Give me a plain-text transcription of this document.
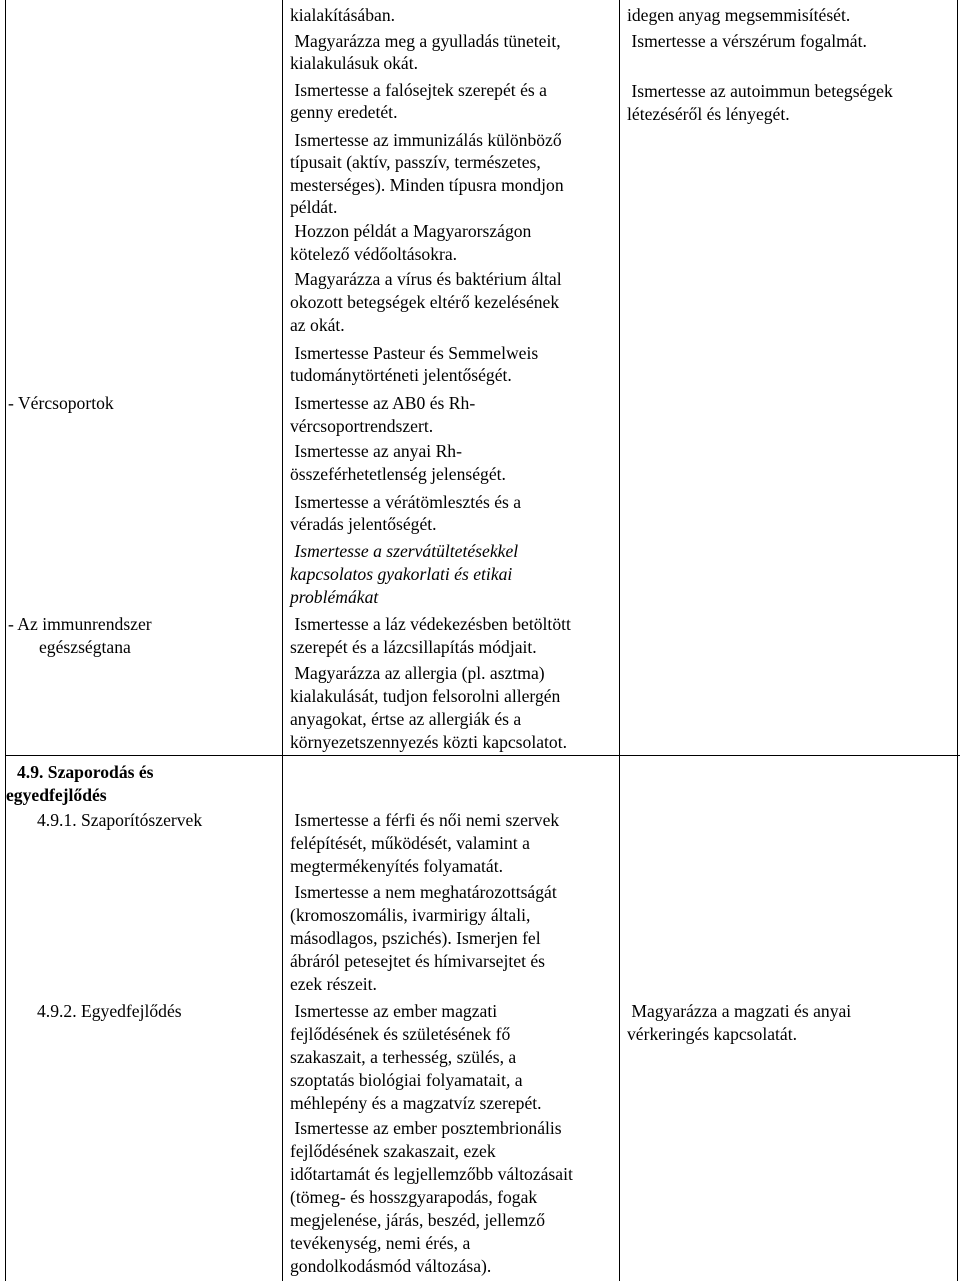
- Vércsoportok
- Az immunrendszer
egészségtana
4.9. Szaporodás és
egyedfejlődés
4.9.1. Szaporítószervek
4.9.2. Egyedfejlődés
kialakításában.
Magyarázza meg a gyulladás tüneteit,
kialakulásuk okát.
Ismertesse a falósejtek szerepét és a
genny eredetét.
Ismertesse az immunizálás különböző
típusait (aktív, passzív, természetes,
mesterséges). Minden típusra mondjon
példát.
Hozzon példát a Magyarországon
kötelező védőoltásokra.
Magyarázza a vírus és baktérium által
okozott betegségek eltérő kezelésének
az okát.
Ismertesse Pasteur és Semmelweis
tudománytörténeti jelentőségét.
Ismertesse az AB0 és Rh-
vércsoportrendszert.
Ismertesse az anyai Rh-
összeférhetetlenség jelenségét.
Ismertesse a vérátömlesztés és a
véradás jelentőségét.
Ismertesse a szervátültetésekkel
kapcsolatos gyakorlati és etikai
problémákat
Ismertesse a láz védekezésben betöltött
szerepét és a lázcsillapítás módjait.
Magyarázza az allergia (pl. asztma)
kialakulását, tudjon felsorolni allergén
anyagokat, értse az allergiák és a
környezetszennyezés közti kapcsolatot.
Ismertesse a férfi és női nemi szervek
felépítését, működését, valamint a
megtermékenyítés folyamatát.
Ismertesse a nem meghatározottságát
(kromoszomális, ivarmirigy általi,
másodlagos, pszichés). Ismerjen fel
ábráról petesejtet és hímivarsejtet és
ezek részeit.
Ismertesse az ember magzati
fejlődésének és születésének fő
szakaszait, a terhesség, szülés, a
szoptatás biológiai folyamatait, a
méhlepény és a magzatvíz szerepét.
Ismertesse az ember posztembrionális
fejlődésének szakaszait, ezek
időtartamát és legjellemzőbb változásait
(tömeg- és hosszgyarapodás, fogak
megjelenése, járás, beszéd, jellemző
tevékenység, nemi érés, a
gondolkodásmód változása).
idegen anyag megsemmisítését.
Ismertesse a vérszérum fogalmát.
Ismertesse az autoimmun betegségek
létezéséről és lényegét.
Magyarázza a magzati és anyai
vérkeringés kapcsolatát.
